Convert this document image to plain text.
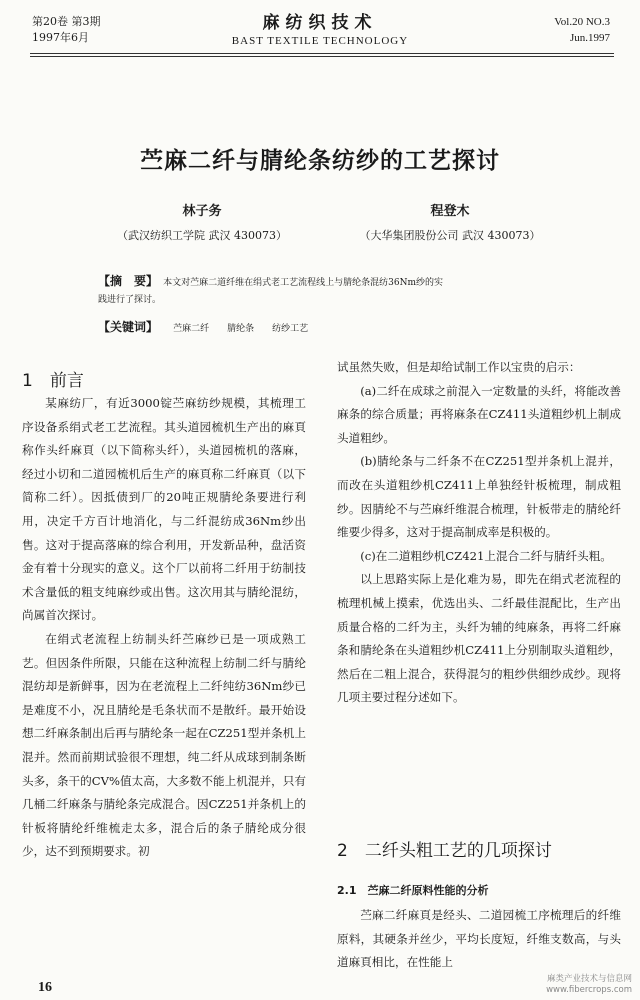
第20卷 第3期
1997年6月
麻纺织技术
BAST TEXTILE TECHNOLOGY
Vol.20 NO.3
Jun.1997
苎麻二纤与腈纶条纺纱的工艺探讨
林子务
（武汉纺织工学院 武汉 430073）
程登木
（大华集团股份公司 武汉 430073）
【摘　要】 本文对苎麻二道纤维在绢式老工艺流程线上与腈纶条混纺36Nm纱的实
践进行了探讨。
【关键词】 苎麻二纤　　腈纶条　　纺纱工艺
1　前言

某麻纺厂，有近3000锭苎麻纺纱规模，其梳理工序设备系绢式老工艺流程。其头道园梳机生产出的麻頁称作头纤麻頁（以下简称头纤），头道园梳机的落麻，经过小切和二道园梳机后生产的麻頁称二纤麻頁（以下简称二纤）。因抵债到厂的20吨正规腈纶条要进行利用，决定千方百计地消化，与二纤混纺成36Nm纱出售。这对于提高落麻的综合利用，开发新品种，盘活资金有着十分现实的意义。这个厂以前将二纤用于纺制技术含量低的粗支纯麻纱或出售。这次用其与腈纶混纺，尚属首次探讨。

在绢式老流程上纺制头纤苎麻纱已是一项成熟工艺。但因条件所限，只能在这种流程上纺制二纤与腈纶混纺却是新鲜事，因为在老流程上二纤纯纺36Nm纱已是难度不小，况且腈纶是毛条状而不是散纤。最开始设想二纤麻条制出后再与腈纶条一起在CZ251型并条机上混并。然而前期试验很不理想，纯二纤从成球到制条断头多，条干的CV%值太高，大多数不能上机混并，只有几桶二纤麻条与腈纶条完成混合。因CZ251并条机上的针板将腈纶纤维梳走太多，混合后的条子腈纶成分很少，达不到预期要求。初

试虽然失败，但是却给试制工作以宝贵的启示：

(a)二纤在成球之前混入一定数量的头纤，将能改善麻条的综合质量；再将麻条在CZ411头道粗纱机上制成头道粗纱。

(b)腈纶条与二纤条不在CZ251型并条机上混并，而改在头道粗纱机CZ411上单独经针板梳理，制成粗纱。因腈纶不与苎麻纤维混合梳理，针板带走的腈纶纤维要少得多，这对于提高制成率是积极的。

(c)在二道粗纱机CZ421上混合二纤与腈纤头粗。

以上思路实际上是化难为易，即先在绢式老流程的梳理机械上摸索，优选出头、二纤最佳混配比，生产出质量合格的二纤为主，头纤为辅的纯麻条，再将二纤麻条和腈纶条在头道粗纱机CZ411上分别制取头道粗纱，然后在二粗上混合，获得混匀的粗纱供细纱成纱。现将几项主要过程分述如下。

2　二纤头粗工艺的几项探讨
2.1　苎麻二纤原料性能的分析

苎麻二纤麻頁是经头、二道园梳工序梳理后的纤维原料，其硬条并丝少，平均长度短，纤维支数高，与头道麻頁相比，在性能上

16
麻类产业技术与信息网
www.fibercrops.com
